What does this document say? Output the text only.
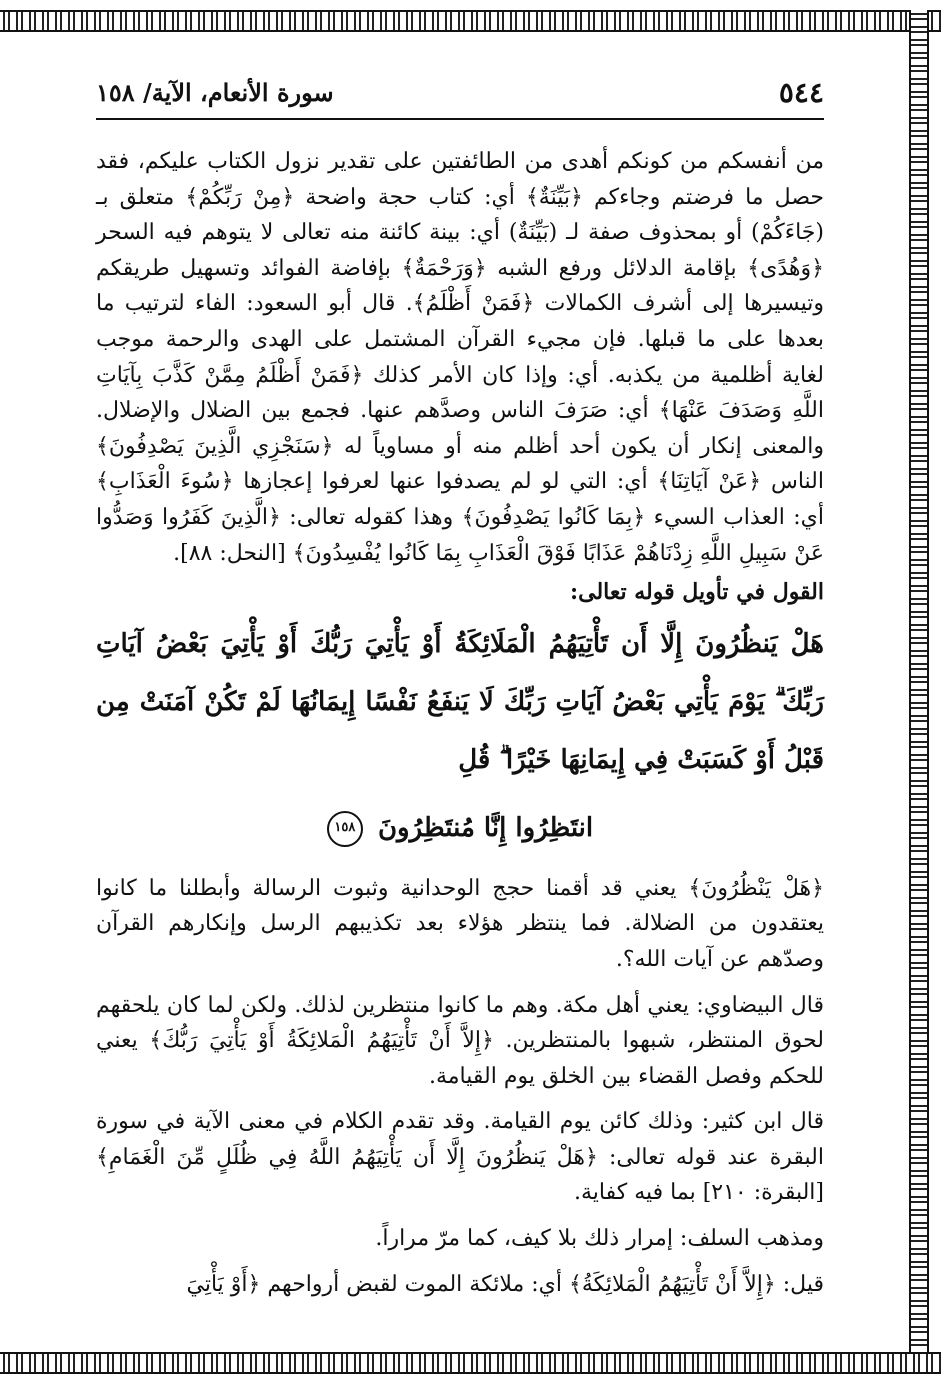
٥٤٤
سورة الأنعام، الآية/ ١٥٨

من أنفسكم من كونكم أهدى من الطائفتين على تقدير نزول الكتاب عليكم، فقد حصل ما فرضتم وجاءكم ﴿بَيِّنَةٌ﴾ أي: كتاب حجة واضحة ﴿مِنْ رَبِّكُمْ﴾ متعلق بـ (جَاءَكُمْ) أو بمحذوف صفة لـ (بَيِّنَةٌ) أي: بينة كائنة منه تعالى لا يتوهم فيه السحر ﴿وَهُدًى﴾ بإقامة الدلائل ورفع الشبه ﴿وَرَحْمَةٌ﴾ بإفاضة الفوائد وتسهيل طريقكم وتيسيرها إلى أشرف الكمالات ﴿فَمَنْ أَظْلَمُ﴾. قال أبو السعود: الفاء لترتيب ما بعدها على ما قبلها. فإن مجيء القرآن المشتمل على الهدى والرحمة موجب لغاية أظلمية من يكذبه. أي: وإذا كان الأمر كذلك ﴿فَمَنْ أَظْلَمُ مِمَّنْ كَذَّبَ بِآيَاتِ اللَّهِ وَصَدَفَ عَنْهَا﴾ أي: صَرَفَ الناس وصدَّهم عنها. فجمع بين الضلال والإضلال. والمعنى إنكار أن يكون أحد أظلم منه أو مساوياً له ﴿سَنَجْزِي الَّذِينَ يَصْدِفُونَ﴾ الناس ﴿عَنْ آيَاتِنَا﴾ أي: التي لو لم يصدفوا عنها لعرفوا إعجازها ﴿سُوءَ الْعَذَابِ﴾ أي: العذاب السيء ﴿بِمَا كَانُوا يَصْدِفُونَ﴾ وهذا كقوله تعالى: ﴿الَّذِينَ كَفَرُوا وَصَدُّوا عَنْ سَبِيلِ اللَّهِ زِدْنَاهُمْ عَذَابًا فَوْقَ الْعَذَابِ بِمَا كَانُوا يُفْسِدُونَ﴾ [النحل: ٨٨].

القول في تأويل قوله تعالى:

هَلْ يَنظُرُونَ إِلَّا أَن تَأْتِيَهُمُ الْمَلَائِكَةُ أَوْ يَأْتِيَ رَبُّكَ أَوْ يَأْتِيَ بَعْضُ آيَاتِ رَبِّكَ ۗ يَوْمَ يَأْتِي بَعْضُ آيَاتِ رَبِّكَ لَا يَنفَعُ نَفْسًا إِيمَانُهَا لَمْ تَكُنْ آمَنَتْ مِن قَبْلُ أَوْ كَسَبَتْ فِي إِيمَانِهَا خَيْرًا ۗ قُلِ

انتَظِرُوا إِنَّا مُنتَظِرُونَ ١٥٨

﴿هَلْ يَنْظُرُونَ﴾ يعني قد أقمنا حجج الوحدانية وثبوت الرسالة وأبطلنا ما كانوا يعتقدون من الضلالة. فما ينتظر هؤلاء بعد تكذيبهم الرسل وإنكارهم القرآن وصدّهم عن آيات الله؟.

قال البيضاوي: يعني أهل مكة. وهم ما كانوا منتظرين لذلك. ولكن لما كان يلحقهم لحوق المنتظر، شبهوا بالمنتظرين. ﴿إِلاَّ أَنْ تَأْتِيَهُمُ الْمَلائِكَةُ أَوْ يَأْتِيَ رَبُّكَ﴾ يعني للحكم وفصل القضاء بين الخلق يوم القيامة.

قال ابن كثير: وذلك كائن يوم القيامة. وقد تقدم الكلام في معنى الآية في سورة البقرة عند قوله تعالى: ﴿هَلْ يَنظُرُونَ إِلَّا أَن يَأْتِيَهُمُ اللَّهُ فِي ظُلَلٍ مِّنَ الْغَمَامِ﴾ [البقرة: ٢١٠] بما فيه كفاية.

ومذهب السلف: إمرار ذلك بلا كيف، كما مرّ مراراً.

قيل: ﴿إِلاَّ أَنْ تَأْتِيَهُمُ الْمَلائِكَةُ﴾ أي: ملائكة الموت لقبض أرواحهم ﴿أَوْ يَأْتِيَ
